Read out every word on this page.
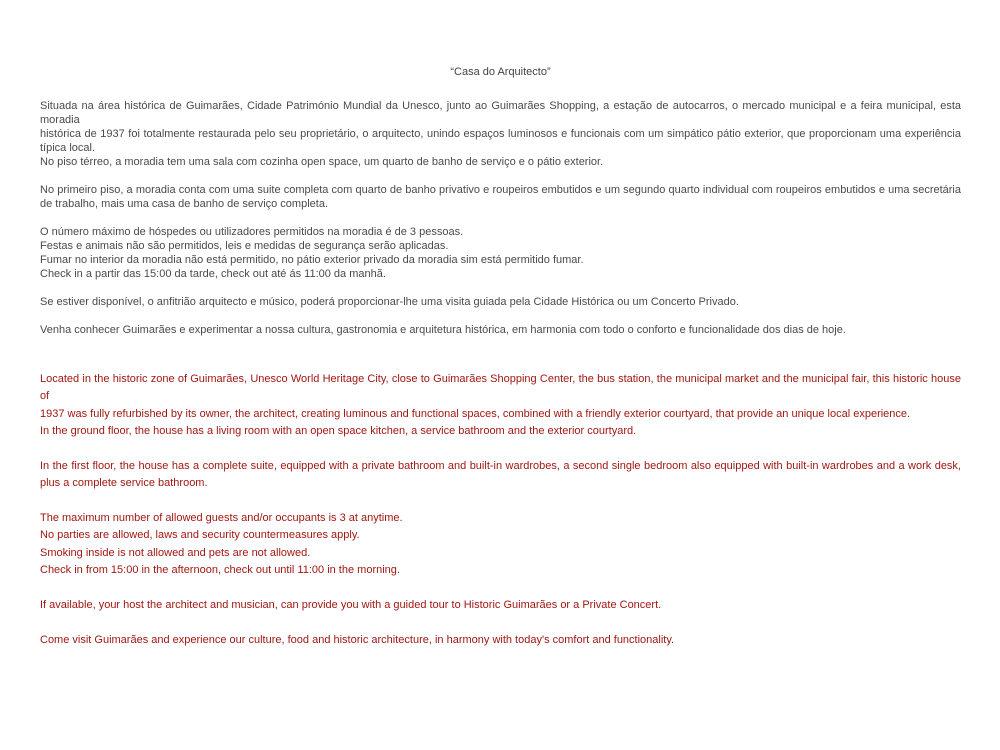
“Casa do Arquitecto”
Situada na área histórica de Guimarães, Cidade Património Mundial da Unesco, junto ao Guimarães Shopping, a estação de autocarros, o mercado municipal e a feira municipal, esta moradia
histórica de 1937 foi totalmente restaurada pelo seu proprietário, o arquitecto, unindo espaços luminosos e funcionais com um simpático pátio exterior, que proporcionam uma experiência
típica local.
No piso térreo, a moradia tem uma sala com cozinha open space, um quarto de banho de serviço e o pátio exterior.
No primeiro piso, a moradia conta com uma suite completa com quarto de banho privativo e roupeiros embutidos e um segundo quarto individual com roupeiros embutidos e uma secretária
de trabalho, mais uma casa de banho de serviço completa.
O número máximo de hóspedes ou utilizadores permitidos na moradia é de 3 pessoas.
Festas e animais não são permitidos, leis e medidas de segurança serão aplicadas.
Fumar no interior da moradia não está permitido, no pátio exterior privado da moradia sim está permitido fumar.
Check in a partir das 15:00 da tarde, check out até ás 11:00 da manhã.
Se estiver disponível, o anfitrião arquitecto e músico, poderá proporcionar-lhe uma visita guiada pela Cidade Histórica ou um Concerto Privado.
Venha conhecer Guimarães e experimentar a nossa cultura, gastronomia e arquitetura histórica, em harmonia com todo o conforto e funcionalidade dos dias de hoje.
Located in the historic zone of Guimarães, Unesco World Heritage City, close to Guimarães Shopping Center, the bus station, the municipal market and the municipal fair, this historic house of
1937 was fully refurbished by its owner, the architect, creating luminous and functional spaces, combined with a friendly exterior courtyard, that provide an unique local experience.
In the ground floor, the house has a living room with an open space kitchen, a service bathroom and the exterior courtyard.
In the first floor, the house has a complete suite, equipped with a private bathroom and built-in wardrobes, a second single bedroom also equipped with built-in wardrobes and a work desk,
plus a complete service bathroom.
The maximum number of allowed guests and/or occupants is 3 at anytime.
No parties are allowed, laws and security countermeasures apply.
Smoking inside is not allowed and pets are not allowed.
Check in from 15:00 in the afternoon, check out until 11:00 in the morning.
If available, your host the architect and musician, can provide you with a guided tour to Historic Guimarães or a Private Concert.
Come visit Guimarães and experience our culture, food and historic architecture, in harmony with today's comfort and functionality.
